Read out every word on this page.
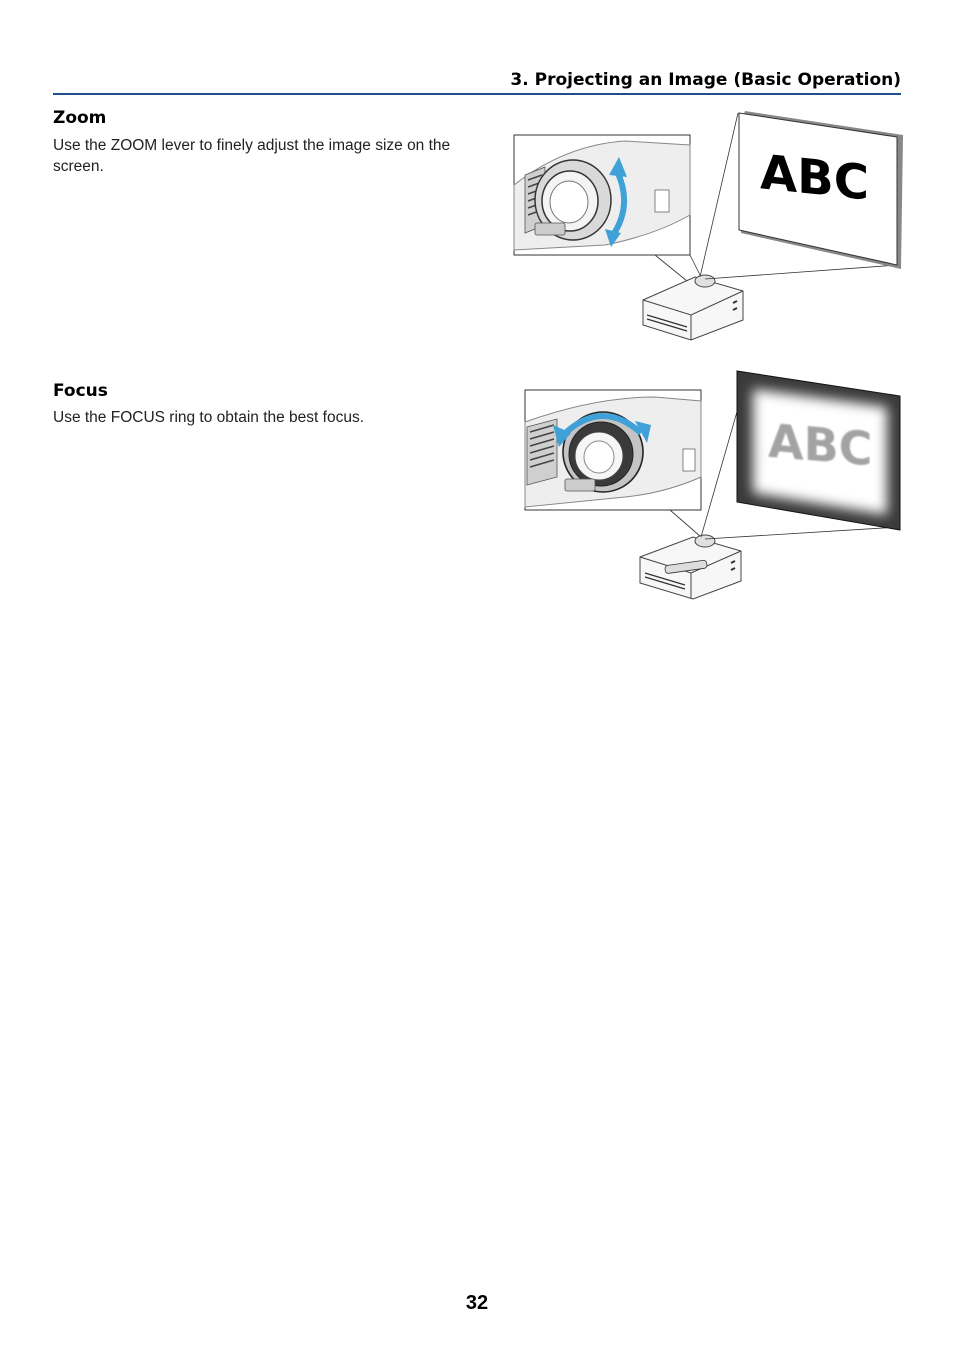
3. Projecting an Image (Basic Operation)
Zoom
Use the ZOOM lever to finely adjust the image size on the screen.	ABC
Focus
Use the FOCUS ring to obtain the best focus.	ABC
32
